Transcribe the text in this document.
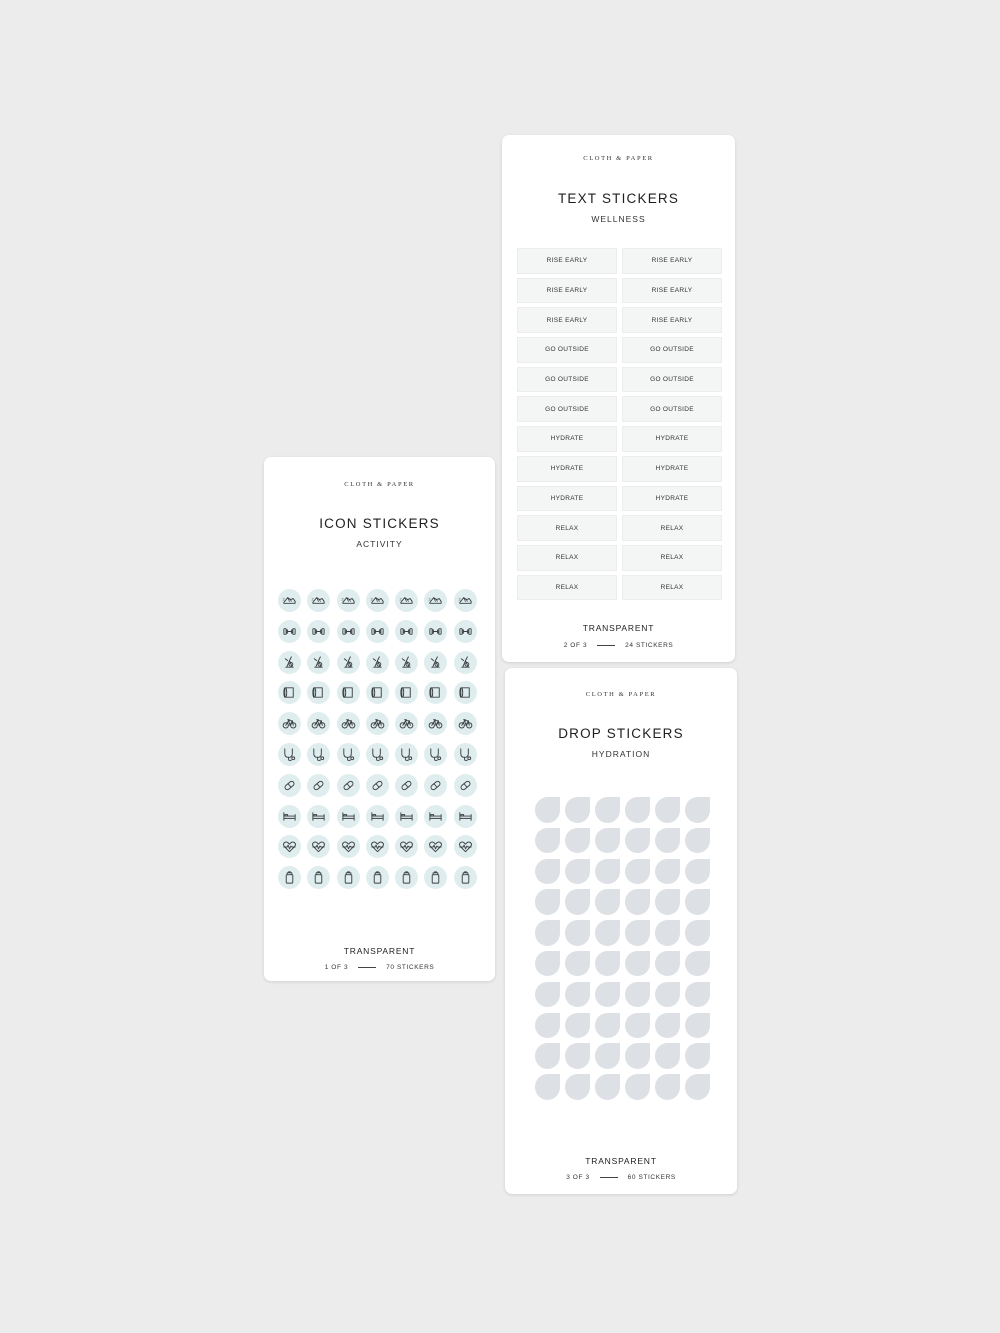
CLOTH & PAPER
ICON STICKERS
ACTIVITY
2	2	2	2	2	2	2
TRANSPARENT
1 OF 3	70 STICKERS
CLOTH & PAPER
TEXT STICKERS
WELLNESS
RISE EARLY	RISE EARLY
RISE EARLY	RISE EARLY
RISE EARLY	RISE EARLY
GO OUTSIDE	GO OUTSIDE
GO OUTSIDE	GO OUTSIDE
GO OUTSIDE	GO OUTSIDE
HYDRATE	HYDRATE
HYDRATE	HYDRATE
HYDRATE	HYDRATE
RELAX	RELAX
RELAX	RELAX
RELAX	RELAX
TRANSPARENT
2 OF 3	24 STICKERS
CLOTH & PAPER
DROP STICKERS
HYDRATION
TRANSPARENT
3 OF 3	60 STICKERS
